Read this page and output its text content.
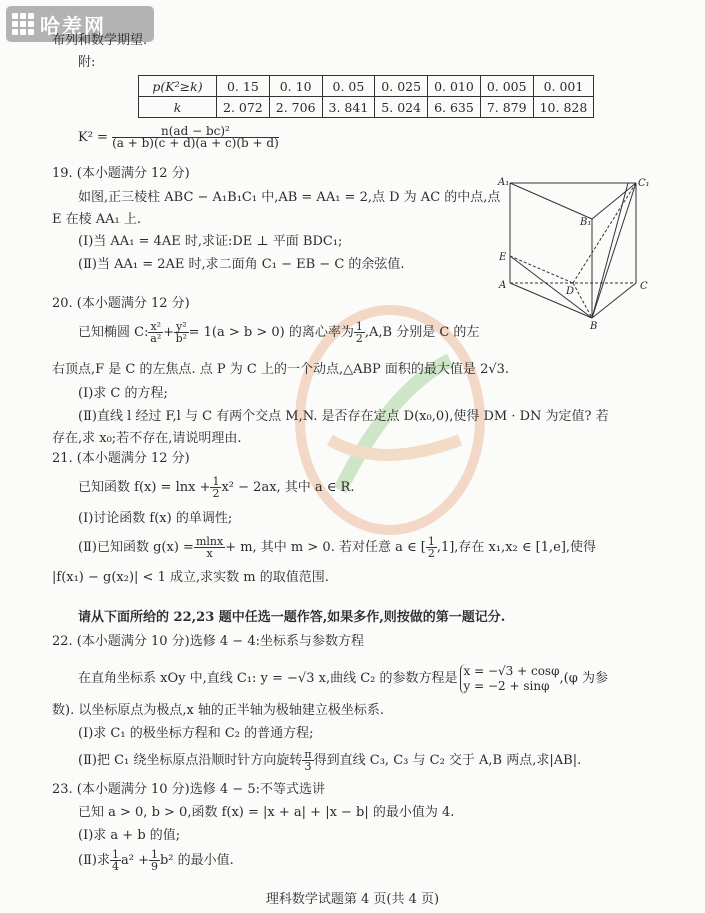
哈差网
布列和数学期望.
附:
p(K²≥k)	0. 15	0. 10	0. 05	0. 025	0. 010	0. 005	0. 001
k	2. 072	2. 706	3. 841	5. 024	6. 635	7. 879	10. 828
$K^2 = \frac{\text{n(ad − bc)²}}{(a + b)(c + d)(a + c)(b + d)}$
19. (本小题满分 12 分)
如图,正三棱柱 ABC − A₁B₁C₁ 中,AB = AA₁ = 2,点 D 为 AC 的中点,点
E 在棱 AA₁ 上.
(Ⅰ)当 AA₁ = 4AE 时,求证:DE ⊥ 平面 BDC₁;
(Ⅱ)当 AA₁ = 2AE 时,求二面角 C₁ − EB − C 的余弦值.
A₁	C₁
B₁
E
A
D	C
B
20. (本小题满分 12 分)
已知椭圆 C: $\frac{\text{x²}}{\text{a²}} + \frac{\text{y²}}{\text{b²}} = 1(a > b > 0)$ 的离心率为 $\frac{1}{2} ,A,B$ 分别是 C 的左
右顶点,F 是 C 的左焦点. 点 P 为 C 上的一个动点,△ABP 面积的最大值是 2√3.
(Ⅰ)求 C 的方程;
(Ⅱ)直线 l 经过 F,l 与 C 有两个交点 M,N. 是否存在定点 D(x₀,0),使得 DM · DN 为定值? 若
存在,求 x₀;若不存在,请说明理由.
21. (本小题满分 12 分)
已知函数 $f(x) = \ln x + \frac{1}{2} x^2 - 2ax$, 其中 a ∈ R.
(Ⅰ)讨论函数 f(x) 的单调性;
(Ⅱ)已知函数 $g(x) = \frac{mlnx}{x} + m$, 其中 m > 0. 若对任意 a ∈ [ $\frac{1}{2} ,1$],存在 x₁,x₂ ∈ [1,e],使得
|f(x₁) − g(x₂)| < 1 成立,求实数 m 的取值范围.
请从下面所给的 22,23 题中任选一题作答,如果多作,则按做的第一题记分.
22. (本小题满分 10 分)选修 4 − 4:坐标系与参数方程
在直角坐标系 xOy 中,直线 C₁: y = −√3 x,曲线 C₂ 的参数方程是
x = −√3 + cosφ
y = −2 + sinφ ,(φ 为参
数). 以坐标原点为极点,x 轴的正半轴为极轴建立极坐标系.
(Ⅰ)求 C₁ 的极坐标方程和 C₂ 的普通方程;
(Ⅱ)把 C₁ 绕坐标原点沿顺时针方向旋转 $\frac{\pi}{3}$ 得到直线 C₃, C₃ 与 C₂ 交于 A,B 两点,求|AB|.
23. (本小题满分 10 分)选修 4 − 5:不等式选讲
已知 a > 0, b > 0,函数 f(x) = |x + a| + |x − b| 的最小值为 4.
(Ⅰ)求 a + b 的值;
(Ⅱ)求 $\frac{1}{4} a^2 + \frac{1}{9} b^2$ 的最小值.
理科数学试题第 4 页(共 4 页)
